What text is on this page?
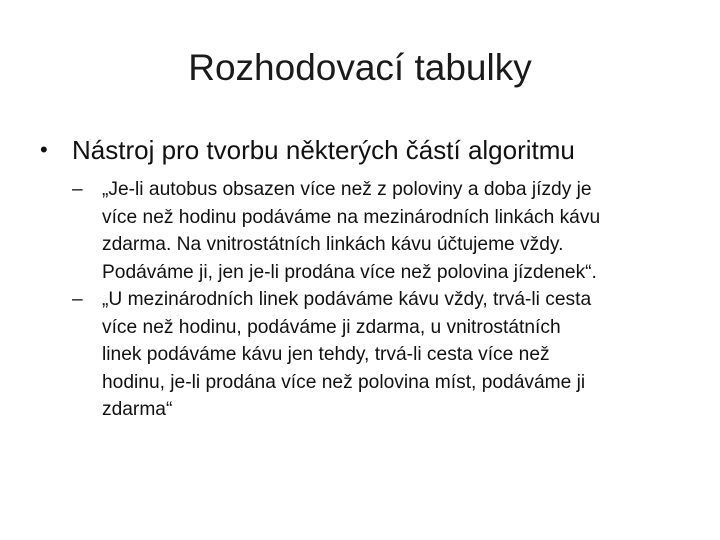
Rozhodovací tabulky
• Nástroj pro tvorbu některých částí algoritmu
–	„Je-li autobus obsazen více než z poloviny a doba jízdy je
více než hodinu podáváme na mezinárodních linkách kávu
zdarma. Na vnitrostátních linkách kávu účtujeme vždy.
Podáváme ji, jen je-li prodána více než polovina jízdenek“.
–	„U mezinárodních linek podáváme kávu vždy, trvá-li cesta
více než hodinu, podáváme ji zdarma, u vnitrostátních
linek podáváme kávu jen tehdy, trvá-li cesta více než
hodinu, je-li prodána více než polovina míst, podáváme ji
zdarma“
